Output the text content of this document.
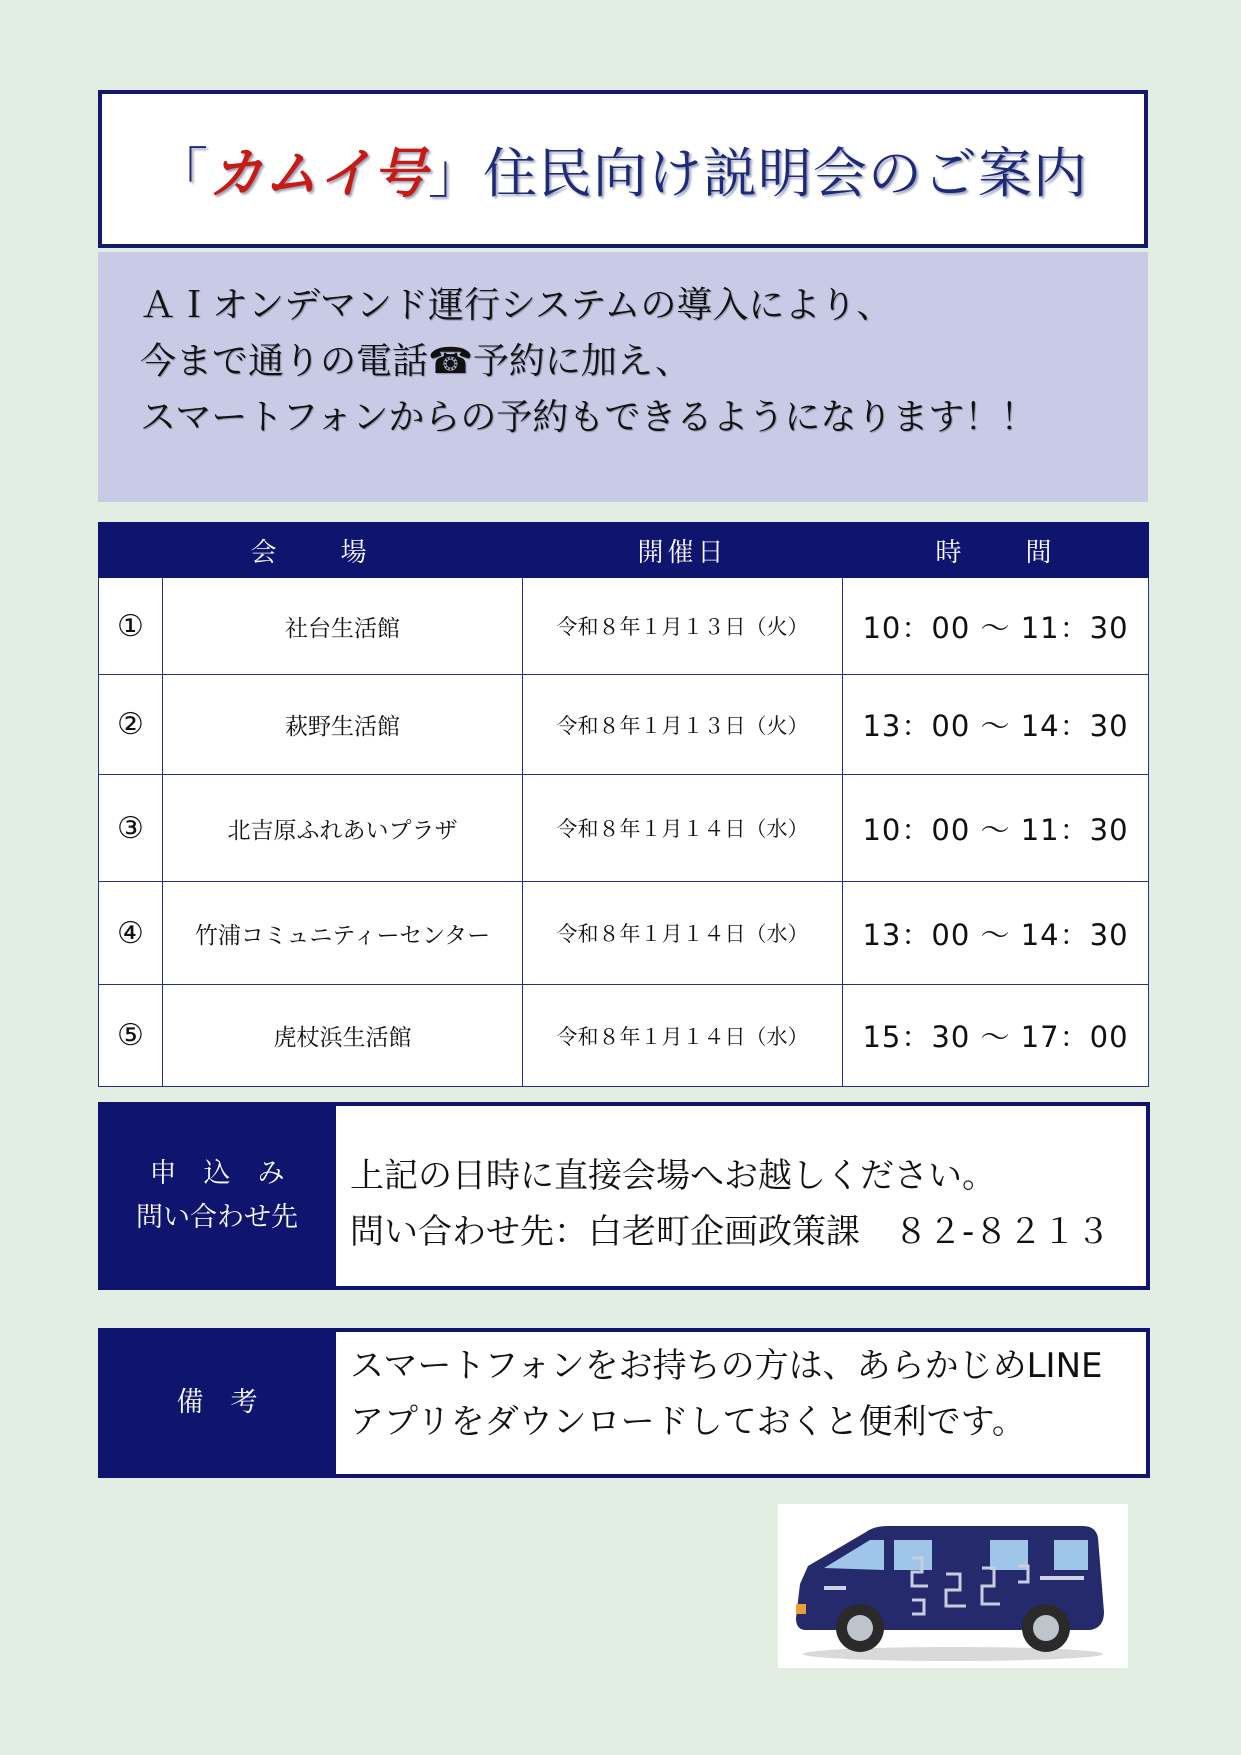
「カムイ号」住民向け説明会のご案内
ＡＩオンデマンド運行システムの導入により、
今まで通りの電話☎予約に加え、
スマートフォンからの予約もできるようになります！！
会　　場		開催日	時　　間
①	社台生活館	令和８年１月１３日（火）	10：00 ～ 11：30
②	萩野生活館	令和８年１月１３日（火）	13：00 ～ 14：30
③	北吉原ふれあいプラザ	令和８年１月１４日（水）	10：00 ～ 11：30
④	竹浦コミュニティーセンター	令和８年１月１４日（水）	13：00 ～ 14：30
⑤	虎杖浜生活館	令和８年１月１４日（水）	15：30 ～ 17：00
申　込　み
問い合わせ先
上記の日時に直接会場へお越しください。
問い合わせ先：白老町企画政策課　８２-８２１３
備　考
スマートフォンをお持ちの方は、あらかじめLINE
アプリをダウンロードしておくと便利です。
